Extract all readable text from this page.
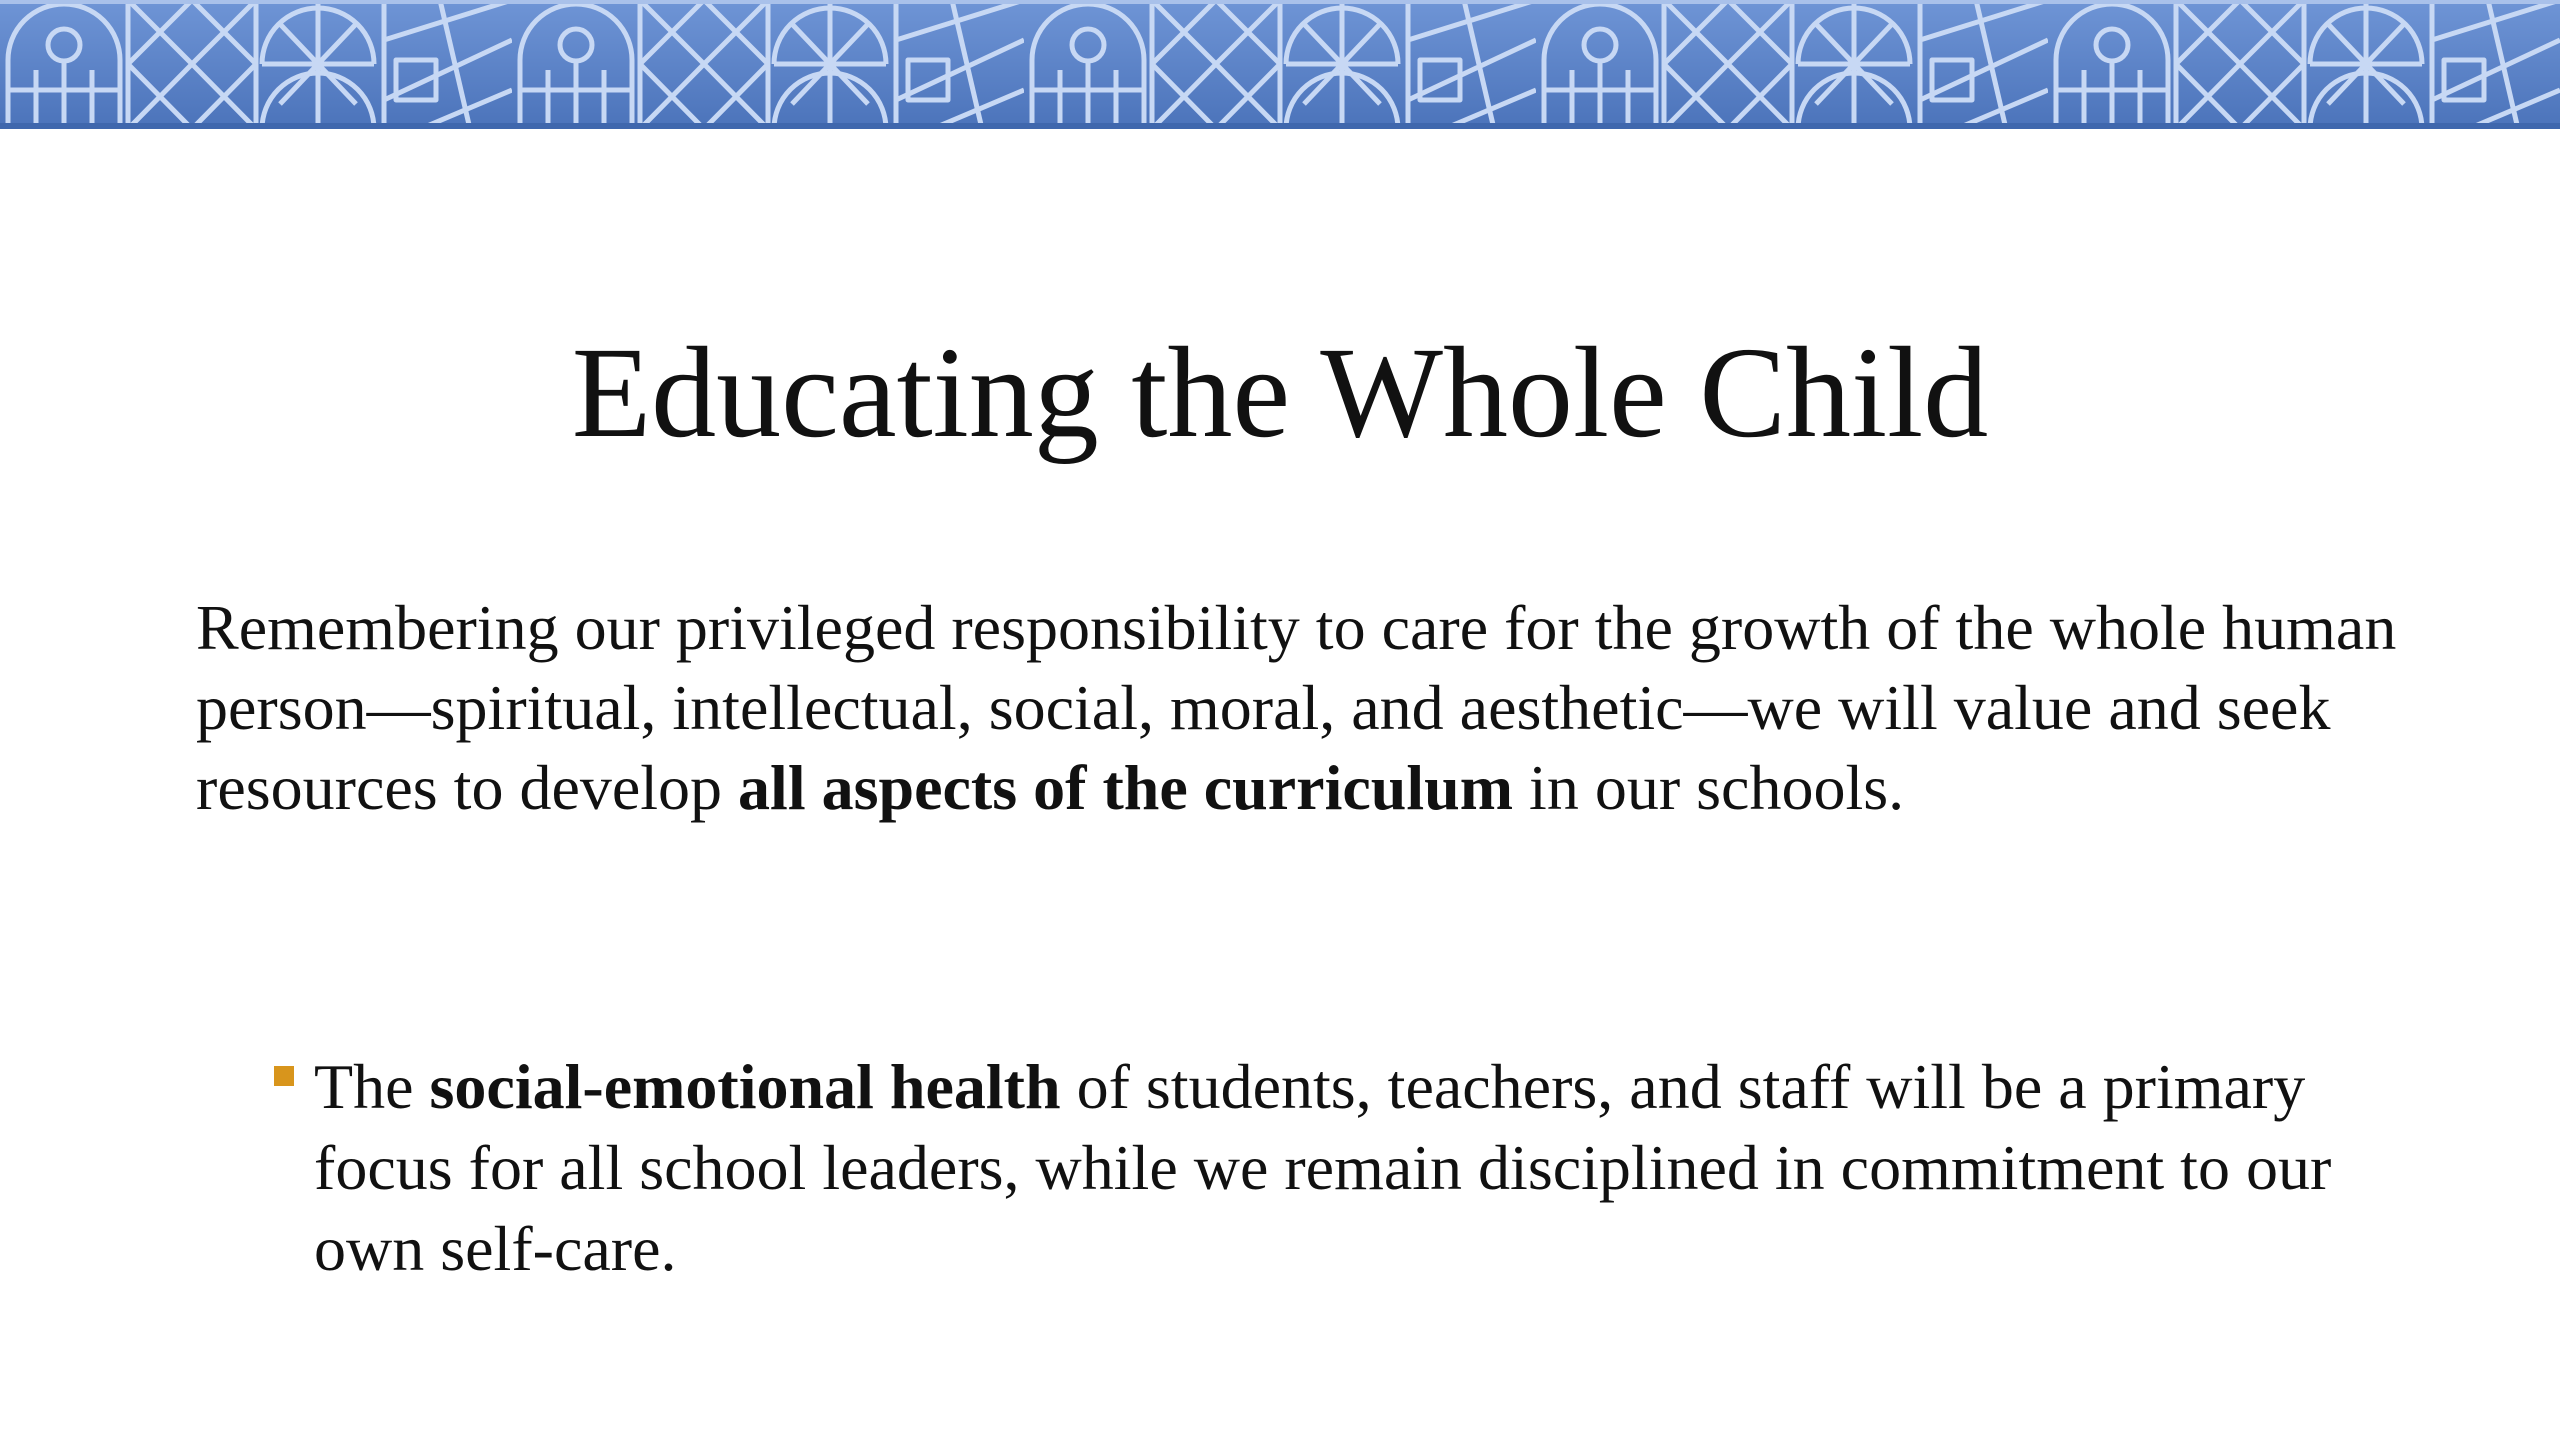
Educating the Whole Child

Remembering our privileged responsibility to care for the growth of the whole human person—spiritual, intellectual, social, moral, and aesthetic—we will value and seek resources to develop all aspects of the curriculum in our schools.

The social-emotional health of students, teachers, and staff will be a primary focus for all school leaders, while we remain disciplined in commitment to our own self-care.
